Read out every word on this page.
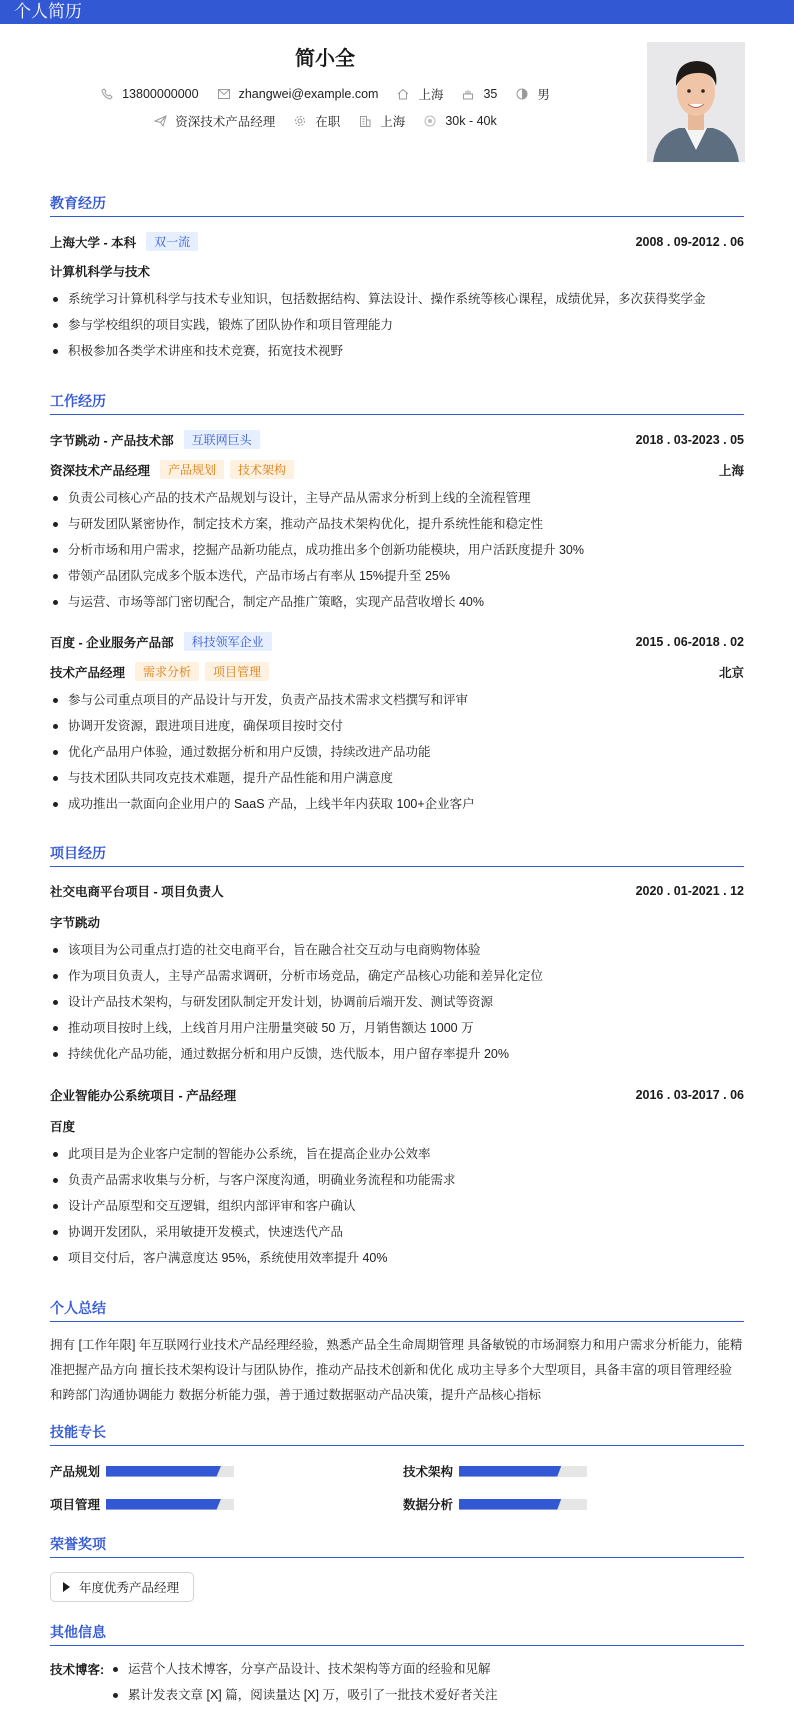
个人简历
简小全
13800000000	zhangwei@example.com	上海	35	男
资深技术产品经理	在职	上海	30k - 40k
教育经历
上海大学 - 本科	双一流	2008 . 09-2012 . 06
计算机科学与技术
系统学习计算机科学与技术专业知识，包括数据结构、算法设计、操作系统等核心课程，成绩优异，多次获得奖学金
参与学校组织的项目实践，锻炼了团队协作和项目管理能力
积极参加各类学术讲座和技术竞赛，拓宽技术视野
工作经历
字节跳动 - 产品技术部	互联网巨头	2018 . 03-2023 . 05
资深技术产品经理	产品规划	技术架构	上海
负责公司核心产品的技术产品规划与设计，主导产品从需求分析到上线的全流程管理
与研发团队紧密协作，制定技术方案，推动产品技术架构优化，提升系统性能和稳定性
分析市场和用户需求，挖掘产品新功能点，成功推出多个创新功能模块，用户活跃度提升 30%
带领产品团队完成多个版本迭代，产品市场占有率从 15%提升至 25%
与运营、市场等部门密切配合，制定产品推广策略，实现产品营收增长 40%
百度 - 企业服务产品部	科技领军企业	2015 . 06-2018 . 02
技术产品经理	需求分析	项目管理	北京
参与公司重点项目的产品设计与开发，负责产品技术需求文档撰写和评审
协调开发资源，跟进项目进度，确保项目按时交付
优化产品用户体验，通过数据分析和用户反馈，持续改进产品功能
与技术团队共同攻克技术难题，提升产品性能和用户满意度
成功推出一款面向企业用户的 SaaS 产品，上线半年内获取 100+企业客户
项目经历
社交电商平台项目 - 项目负责人	2020 . 01-2021 . 12
字节跳动
该项目为公司重点打造的社交电商平台，旨在融合社交互动与电商购物体验
作为项目负责人，主导产品需求调研，分析市场竞品，确定产品核心功能和差异化定位
设计产品技术架构，与研发团队制定开发计划，协调前后端开发、测试等资源
推动项目按时上线，上线首月用户注册量突破 50 万，月销售额达 1000 万
持续优化产品功能，通过数据分析和用户反馈，迭代版本，用户留存率提升 20%
企业智能办公系统项目 - 产品经理	2016 . 03-2017 . 06
百度
此项目是为企业客户定制的智能办公系统，旨在提高企业办公效率
负责产品需求收集与分析，与客户深度沟通，明确业务流程和功能需求
设计产品原型和交互逻辑，组织内部评审和客户确认
协调开发团队，采用敏捷开发模式，快速迭代产品
项目交付后，客户满意度达 95%，系统使用效率提升 40%
个人总结
拥有 [工作年限] 年互联网行业技术产品经理经验，熟悉产品全生命周期管理 具备敏锐的市场洞察力和用户需求分析能力，能精准把握产品方向 擅长技术架构设计与团队协作，推动产品技术创新和优化 成功主导多个大型项目，具备丰富的项目管理经验和跨部门沟通协调能力 数据分析能力强，善于通过数据驱动产品决策，提升产品核心指标
技能专长
产品规划	技术架构
项目管理	数据分析
荣誉奖项
年度优秀产品经理
其他信息
技术博客:	运营个人技术博客，分享产品设计、技术架构等方面的经验和见解
累计发表文章 [X] 篇，阅读量达 [X] 万，吸引了一批技术爱好者关注
